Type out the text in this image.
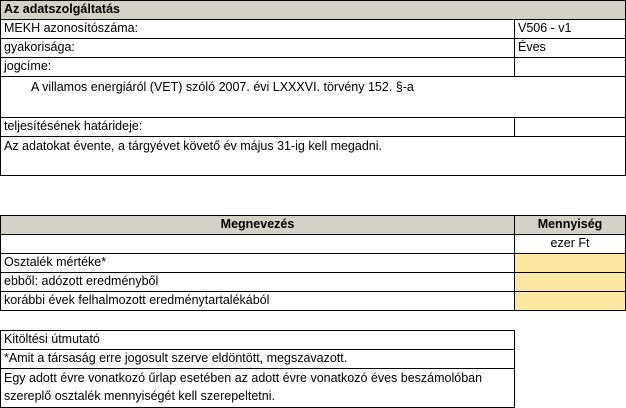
Az adatszolgáltatás
MEKH azonosítószáma:	V506 - v1
gyakorisága:	Éves
jogcíme:
A villamos energiáról (VET) szóló 2007. évi LXXXVI. törvény 152. §-a
teljesítésének határideje:
Az adatokat évente, a tárgyévet követő év május 31-ig kell megadni.
Megnevezés	Mennyiség
ezer Ft
Osztalék mértéke*
ebből: adózott eredményből
korábbi évek felhalmozott eredménytartalékából
Kitöltési útmutató
*Amit a társaság erre jogosult szerve eldöntött, megszavazott.
Egy adott évre vonatkozó űrlap esetében az adott évre vonatkozó éves beszámolóban szereplő osztalék mennyiségét kell szerepeltetni.
